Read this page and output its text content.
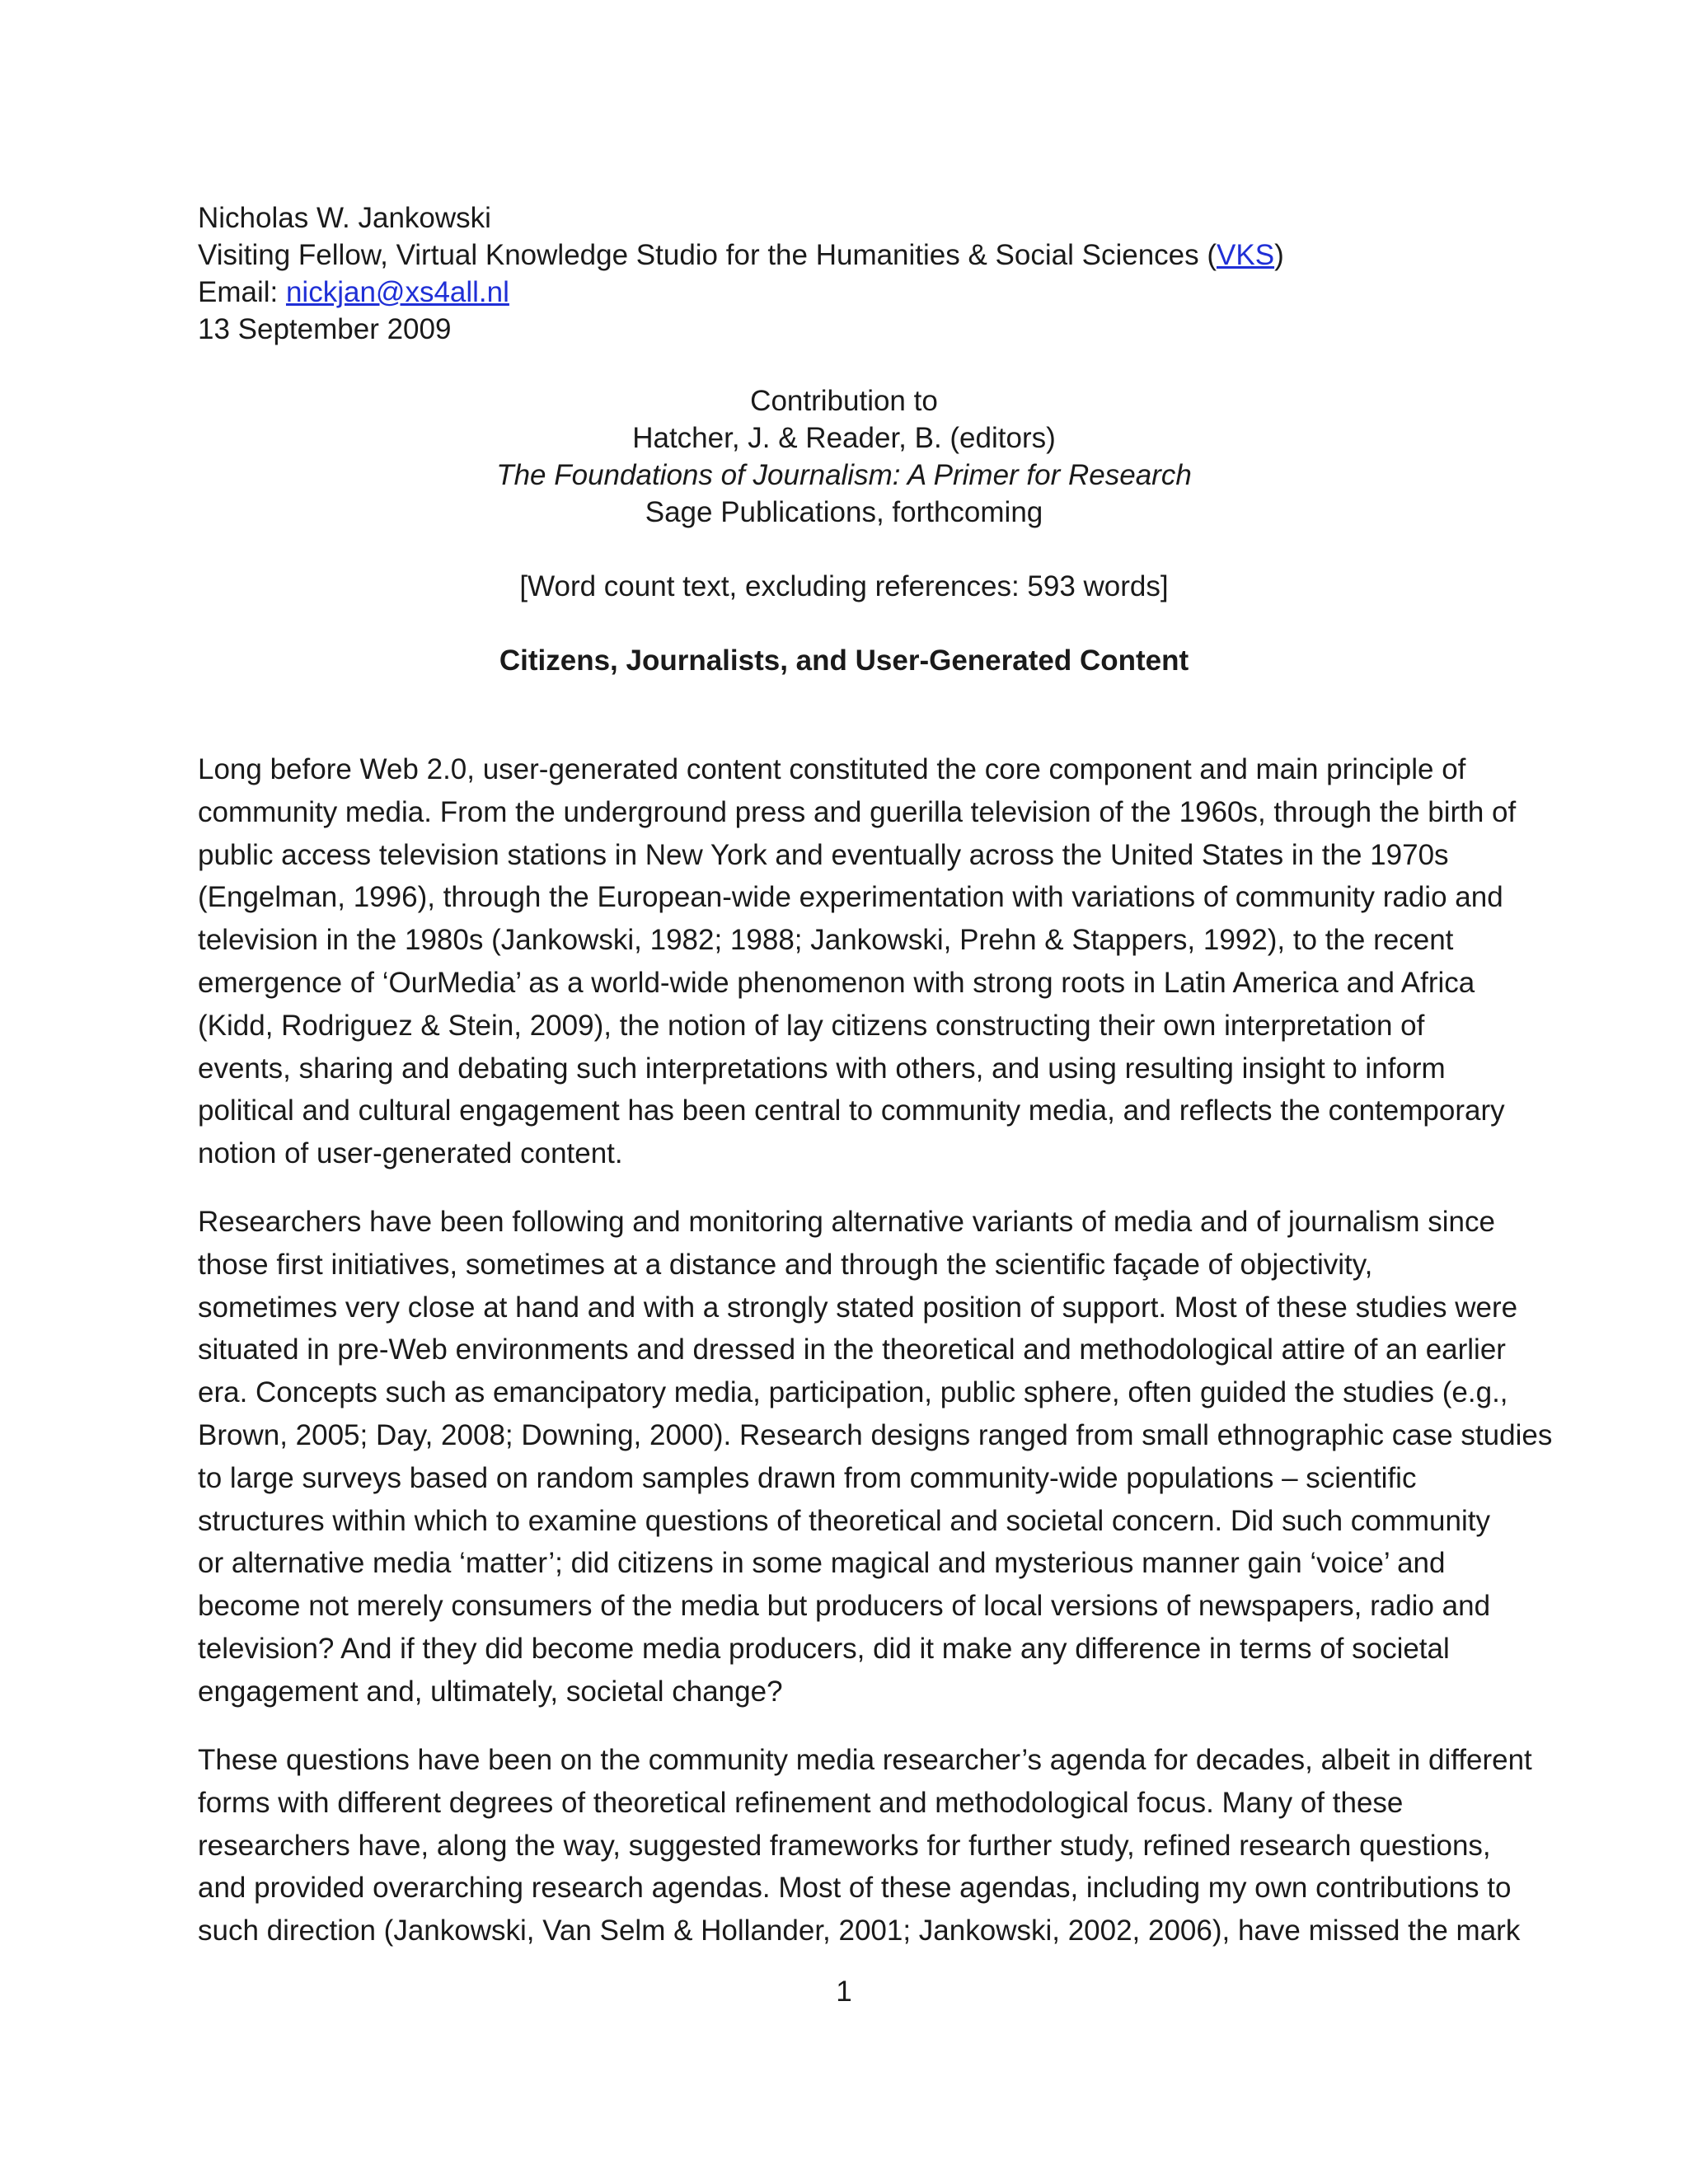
Nicholas W. Jankowski
Visiting Fellow, Virtual Knowledge Studio for the Humanities & Social Sciences (VKS)
Email: nickjan@xs4all.nl
13 September 2009
Contribution to
Hatcher, J. & Reader, B. (editors)
The Foundations of Journalism: A Primer for Research
Sage Publications, forthcoming
[Word count text, excluding references: 593 words]
Citizens, Journalists, and User-Generated Content
Long before Web 2.0, user-generated content constituted the core component and main principle of
community media. From the underground press and guerilla television of the 1960s, through the birth of
public access television stations in New York and eventually across the United States in the 1970s
(Engelman, 1996), through the European-wide experimentation with variations of community radio and
television in the 1980s (Jankowski, 1982; 1988; Jankowski, Prehn & Stappers, 1992), to the recent
emergence of ‘OurMedia’ as a world-wide phenomenon with strong roots in Latin America and Africa
(Kidd, Rodriguez & Stein, 2009), the notion of lay citizens constructing their own interpretation of
events, sharing and debating such interpretations with others, and using resulting insight to inform
political and cultural engagement has been central to community media, and reflects the contemporary
notion of user-generated content.
Researchers have been following and monitoring alternative variants of media and of journalism since
those first initiatives, sometimes at a distance and through the scientific façade of objectivity,
sometimes very close at hand and with a strongly stated position of support. Most of these studies were
situated in pre-Web environments and dressed in the theoretical and methodological attire of an earlier
era. Concepts such as emancipatory media, participation, public sphere, often guided the studies (e.g.,
Brown, 2005; Day, 2008; Downing, 2000). Research designs ranged from small ethnographic case studies
to large surveys based on random samples drawn from community-wide populations – scientific
structures within which to examine questions of theoretical and societal concern. Did such community
or alternative media ‘matter’; did citizens in some magical and mysterious manner gain ‘voice’ and
become not merely consumers of the media but producers of local versions of newspapers, radio and
television? And if they did become media producers, did it make any difference in terms of societal
engagement and, ultimately, societal change?
These questions have been on the community media researcher’s agenda for decades, albeit in different
forms with different degrees of theoretical refinement and methodological focus. Many of these
researchers have, along the way, suggested frameworks for further study, refined research questions,
and provided overarching research agendas. Most of these agendas, including my own contributions to
such direction (Jankowski, Van Selm & Hollander, 2001; Jankowski, 2002, 2006), have missed the mark
1
